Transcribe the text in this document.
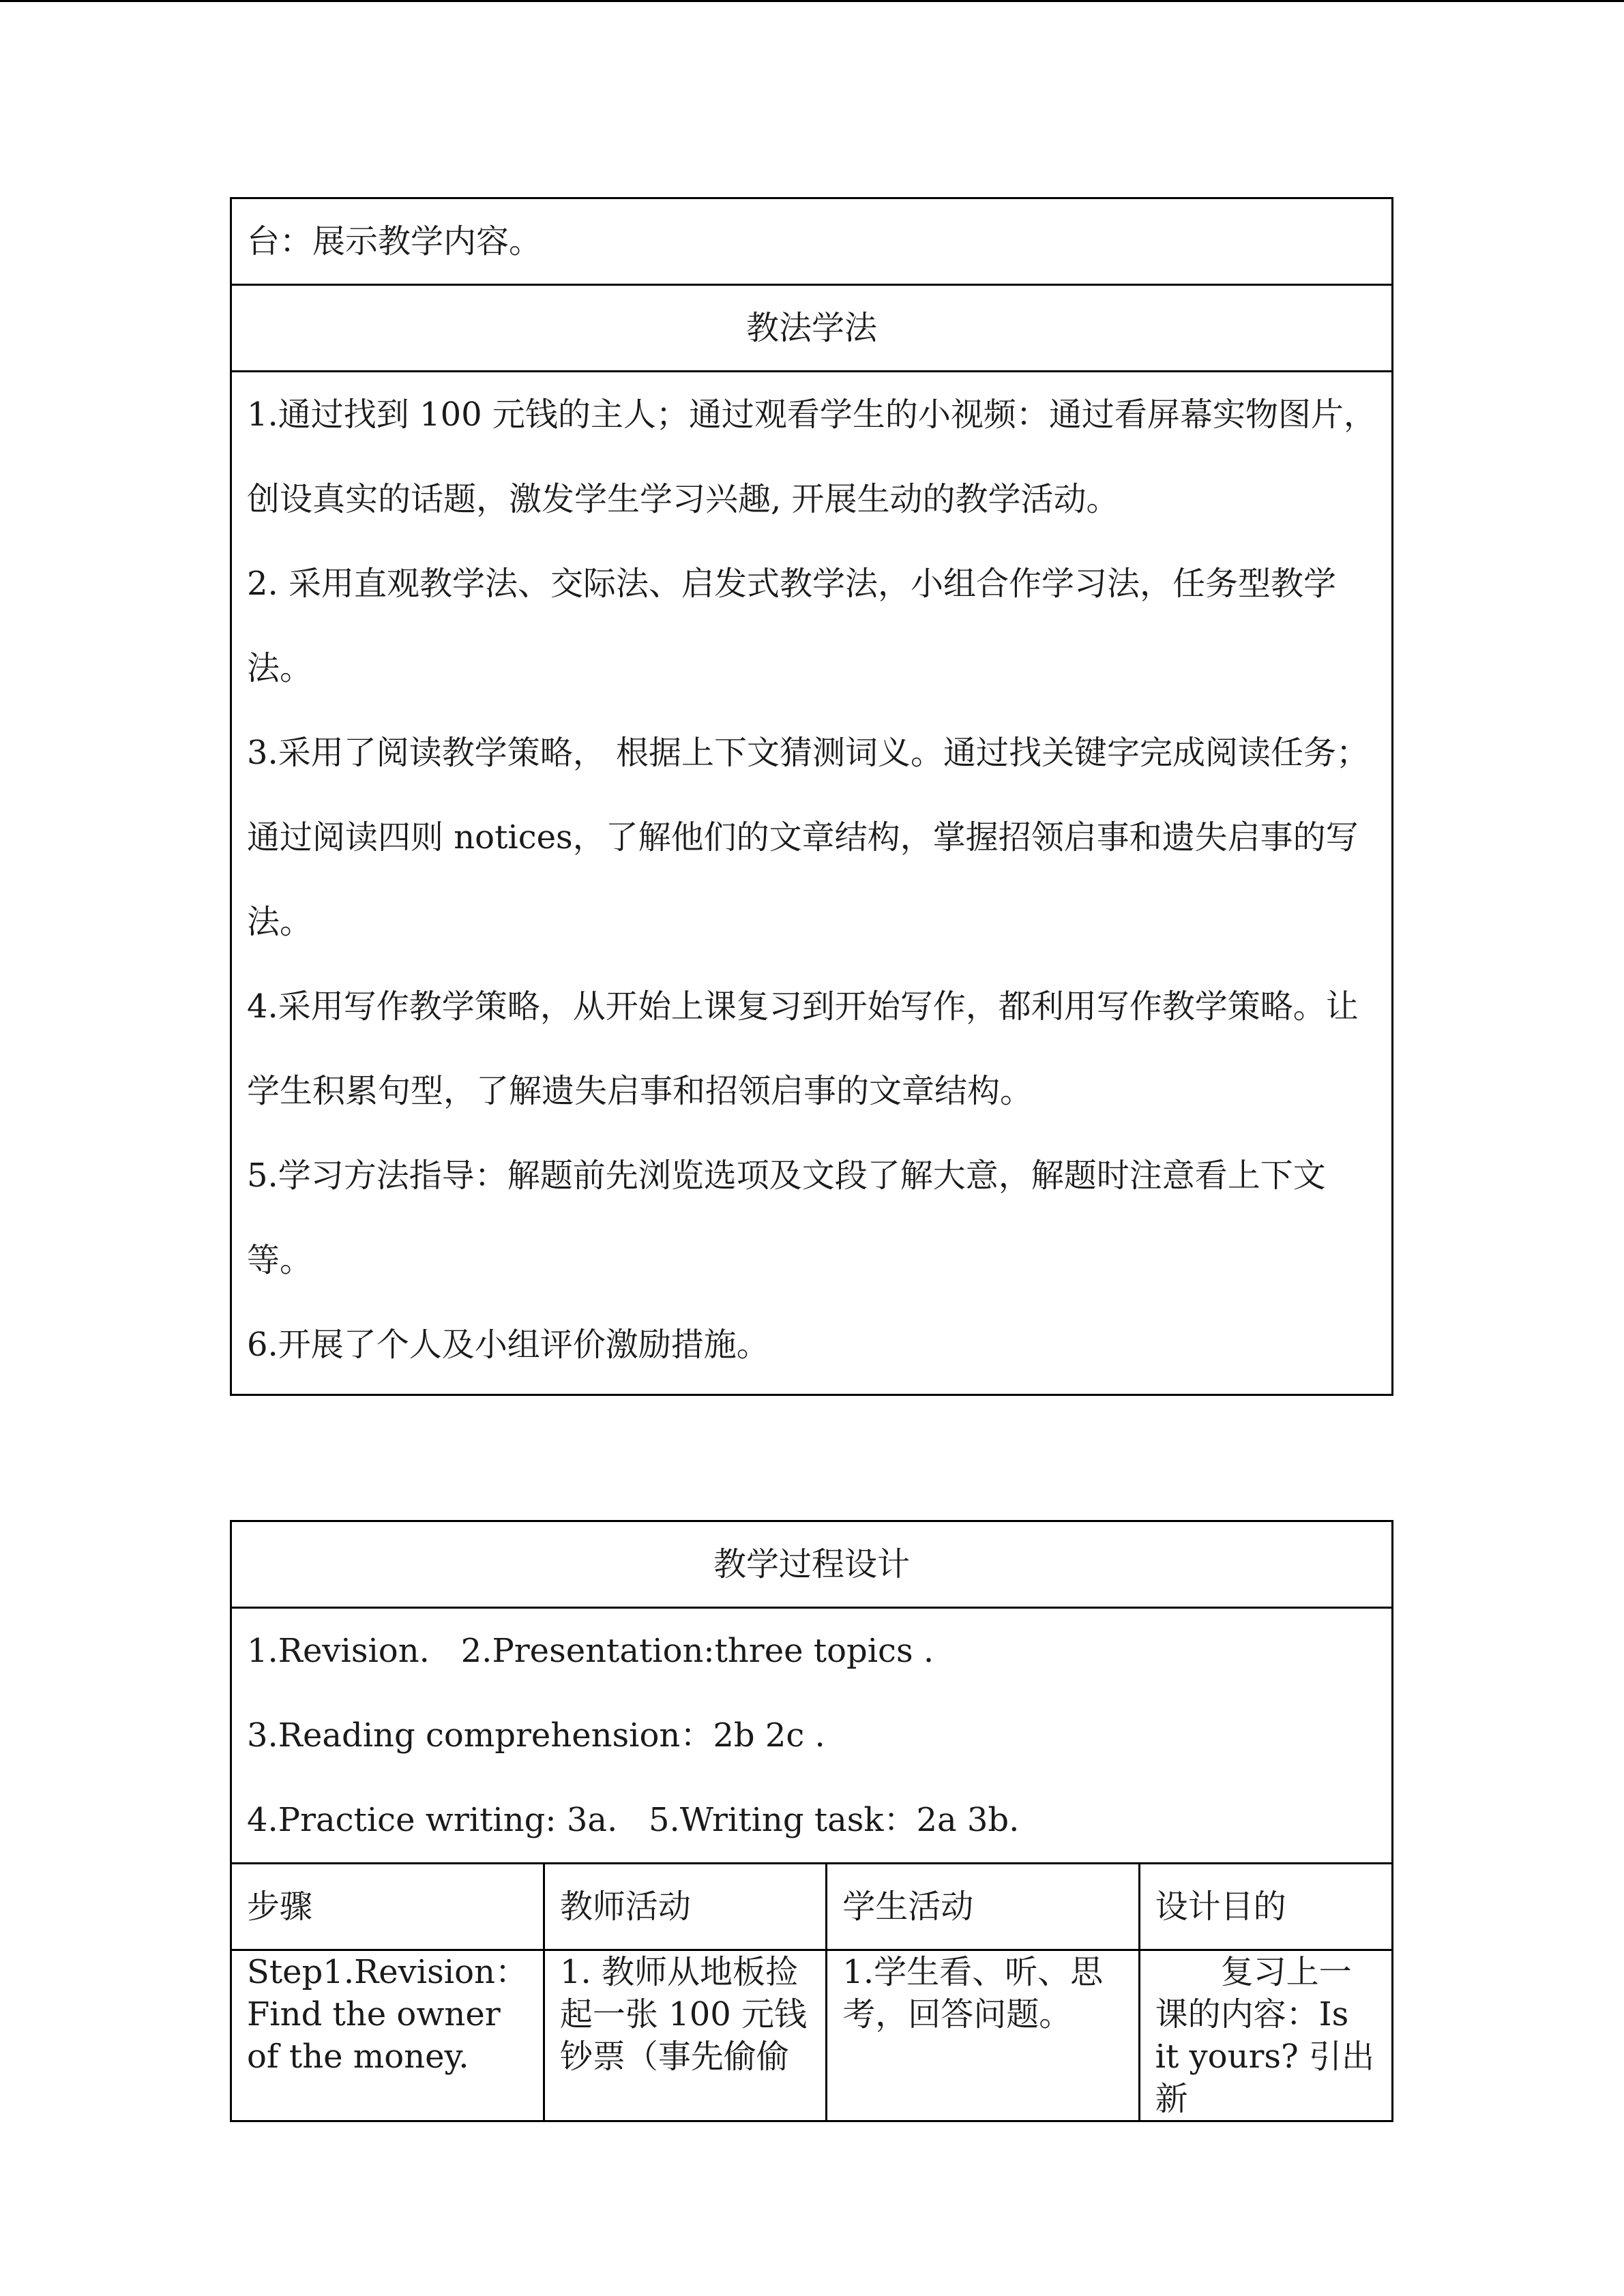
台：展示教学内容。
教法学法

1.通过找到 100 元钱的主人；通过观看学生的小视频：通过看屏幕实物图片，创设真实的话题，激发学生学习兴趣, 开展生动的教学活动。

2. 采用直观教学法、交际法、启发式教学法，小组合作学习法，任务型教学法。

3.采用了阅读教学策略， 根据上下文猜测词义。通过找关键字完成阅读任务；通过阅读四则 notices，了解他们的文章结构，掌握招领启事和遗失启事的写法。

4.采用写作教学策略，从开始上课复习到开始写作，都利用写作教学策略。让学生积累句型，了解遗失启事和招领启事的文章结构。

5.学习方法指导：解题前先浏览选项及文段了解大意，解题时注意看上下文等。

6.开展了个人及小组评价激励措施。

教学过程设计			

1.Revision.   2.Presentation:three topics .

3.Reading comprehension：2b 2c .

4.Practice writing: 3a.   5.Writing task：2a 3b.			

步骤	教师活动	学生活动	设计目的
Step1.Revision：Find the owner of the money.	1. 教师从地板捡起一张 100 元钱钞票（事先偷偷	1.学生看、听、思考，回答问题。	复习上一课的内容：Is it yours? 引出新
